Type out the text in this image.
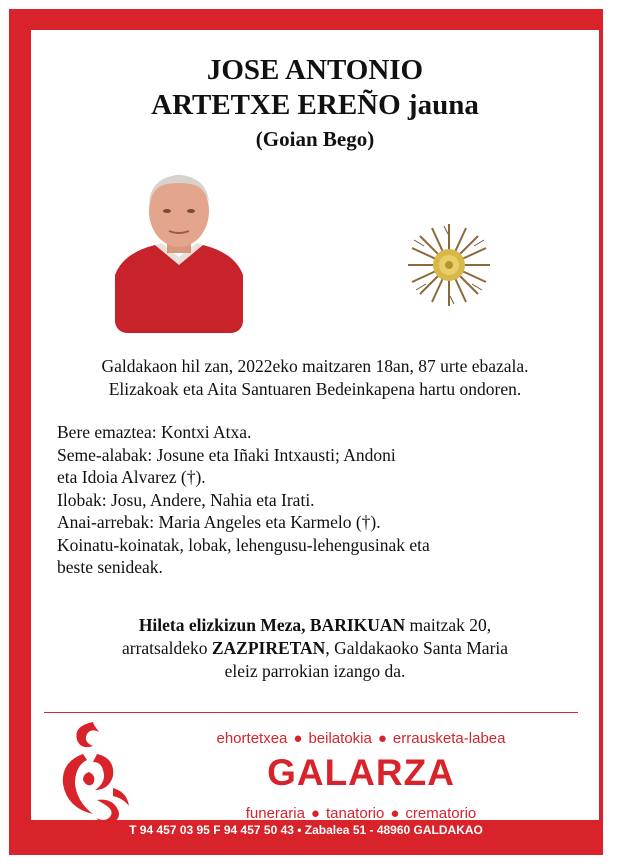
JOSE ANTONIO
ARTETXE EREÑO jauna
(Goian Bego)
Galdakaon hil zan, 2022eko maitzaren 18an, 87 urte ebazala.
Elizakoak eta Aita Santuaren Bedeinkapena hartu ondoren.
Bere emaztea: Kontxi Atxa.
Seme-alabak: Josune eta Iñaki Intxausti; Andoni
eta Idoia Alvarez (†).
Ilobak: Josu, Andere, Nahia eta Irati.
Anai-arrebak: Maria Angeles eta Karmelo (†).
Koinatu-koinatak, lobak, lehengusu-lehengusinak eta
beste senideak.
Hileta elizkizun Meza, BARIKUAN maitzak 20,
arratsaldeko ZAZPIRETAN, Galdakaoko Santa Maria
eleiz parrokian izango da.
ehortetxea ● beilatokia ● errausketa-labea
GALARZA
funeraria ● tanatorio ● crematorio
T 94 457 03 95 F 94 457 50 43 • Zabalea 51 - 48960 GALDAKAO
